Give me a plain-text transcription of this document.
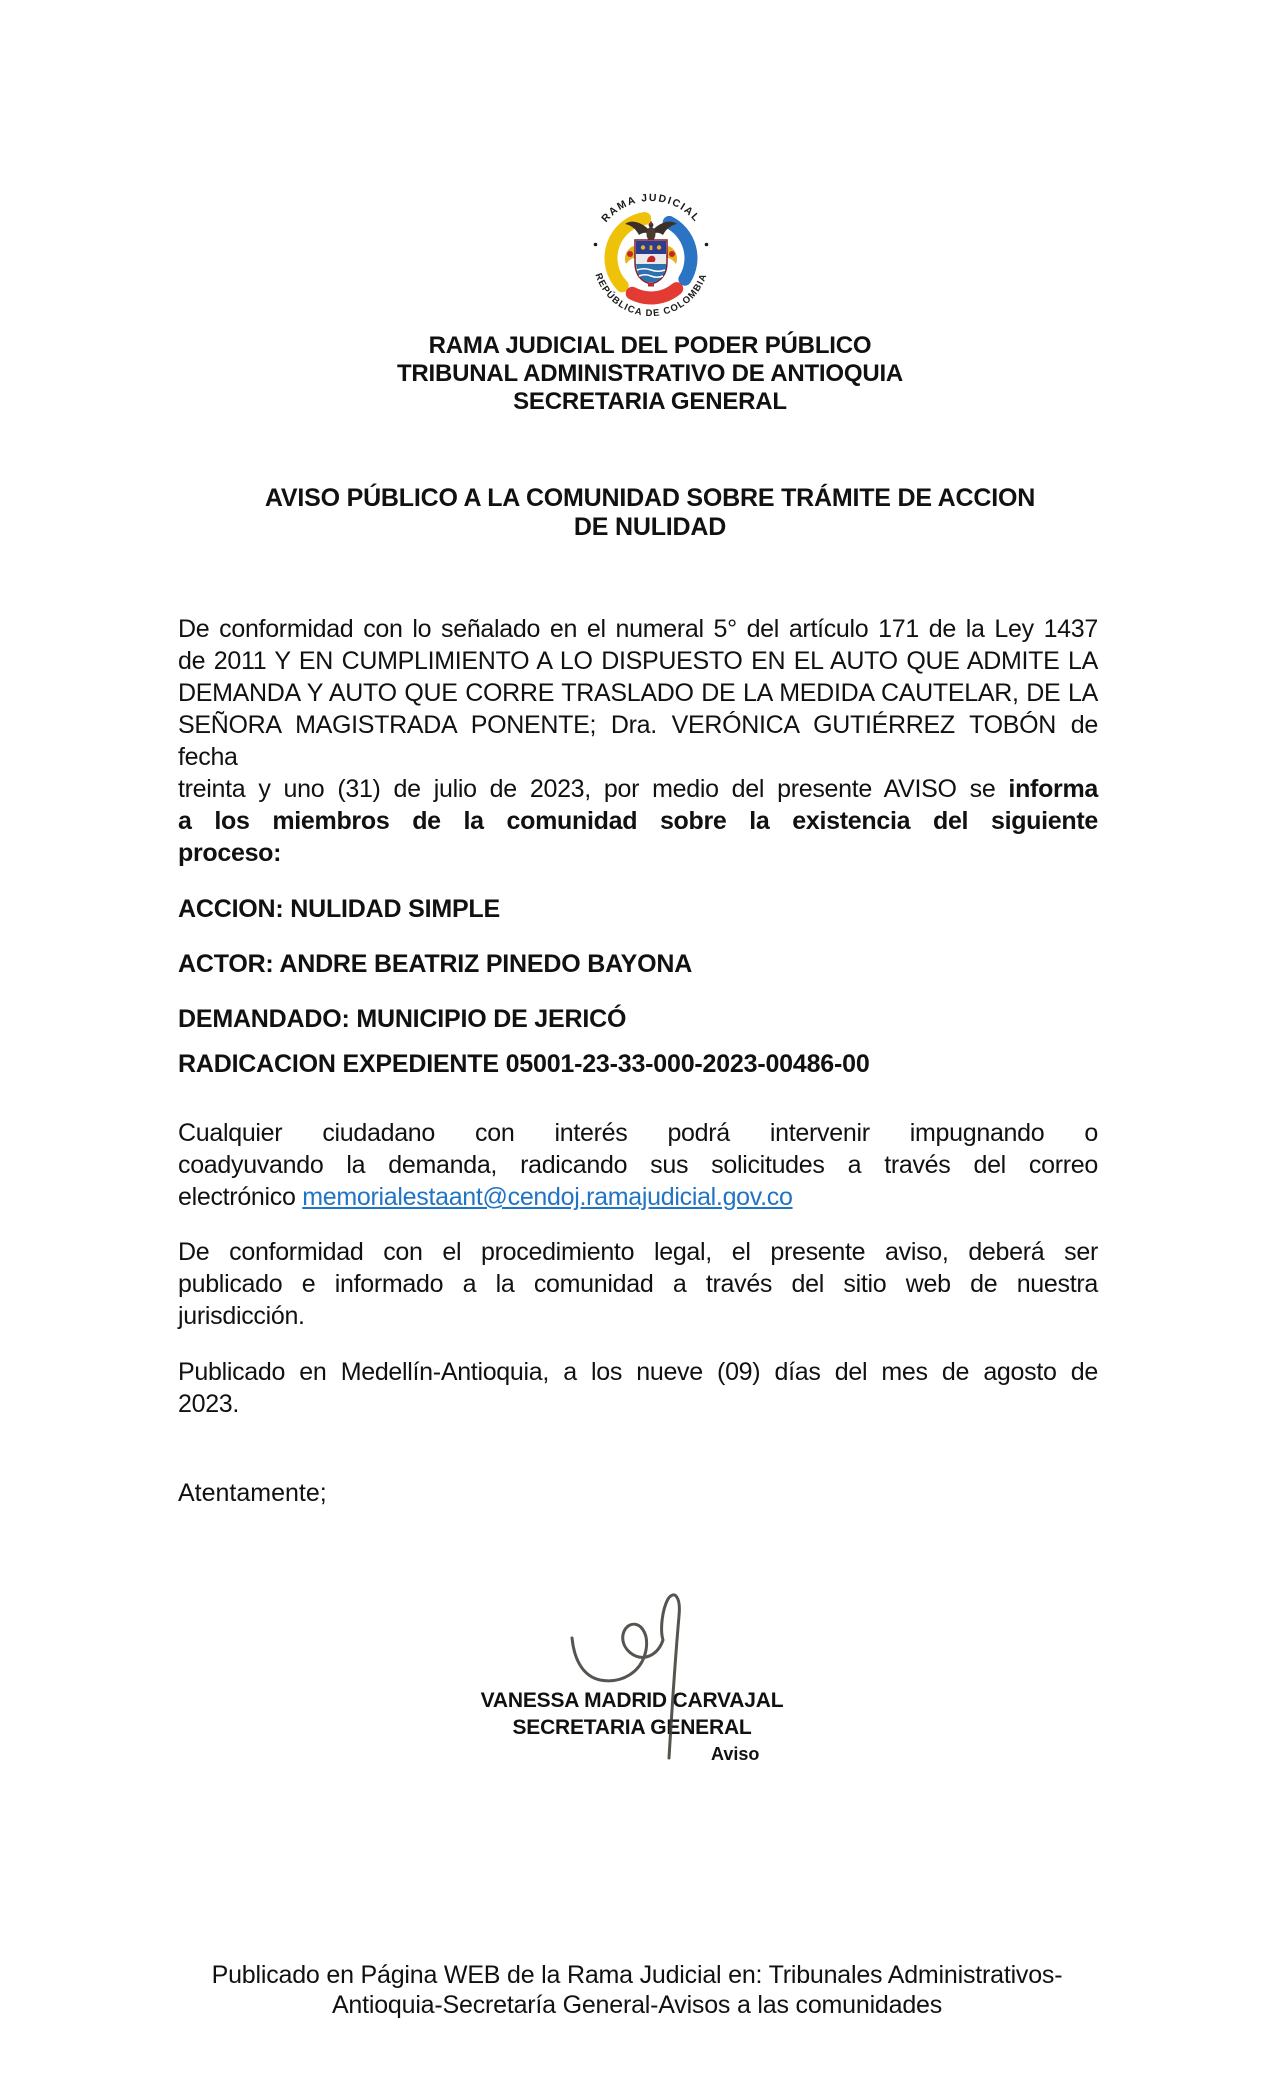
RAMA JUDICIAL
REPÚBLICA DE COLOMBIA
RAMA JUDICIAL DEL PODER PÚBLICO
TRIBUNAL ADMINISTRATIVO DE ANTIOQUIA
SECRETARIA GENERAL
AVISO PÚBLICO A LA COMUNIDAD SOBRE TRÁMITE DE ACCION
DE NULIDAD
De conformidad con lo señalado en el numeral 5° del artículo 171 de la Ley 1437
de 2011 Y EN CUMPLIMIENTO A LO DISPUESTO EN EL AUTO QUE ADMITE LA
DEMANDA Y AUTO QUE CORRE TRASLADO DE LA MEDIDA CAUTELAR, DE LA
SEÑORA MAGISTRADA PONENTE; Dra. VERÓNICA GUTIÉRREZ TOBÓN de fecha
treinta y uno (31) de julio de 2023, por medio del presente AVISO se informa
a los miembros de la comunidad sobre la existencia del siguiente
proceso:
ACCION: NULIDAD SIMPLE
ACTOR: ANDRE BEATRIZ PINEDO BAYONA
DEMANDADO: MUNICIPIO DE JERICÓ
RADICACION EXPEDIENTE 05001-23-33-000-2023-00486-00
Cualquier ciudadano con interés podrá intervenir impugnando o
coadyuvando la demanda, radicando sus solicitudes a través del correo
electrónico memorialestaant@cendoj.ramajudicial.gov.co
De conformidad con el procedimiento legal, el presente aviso, deberá ser
publicado e informado a la comunidad a través del sitio web de nuestra
jurisdicción.
Publicado en Medellín-Antioquia, a los nueve (09) días del mes de agosto de
2023.
Atentamente;
VANESSA MADRID CARVAJAL
SECRETARIA GENERAL
Aviso
Publicado en Página WEB de la Rama Judicial en: Tribunales Administrativos-
Antioquia-Secretaría General-Avisos a las comunidades
